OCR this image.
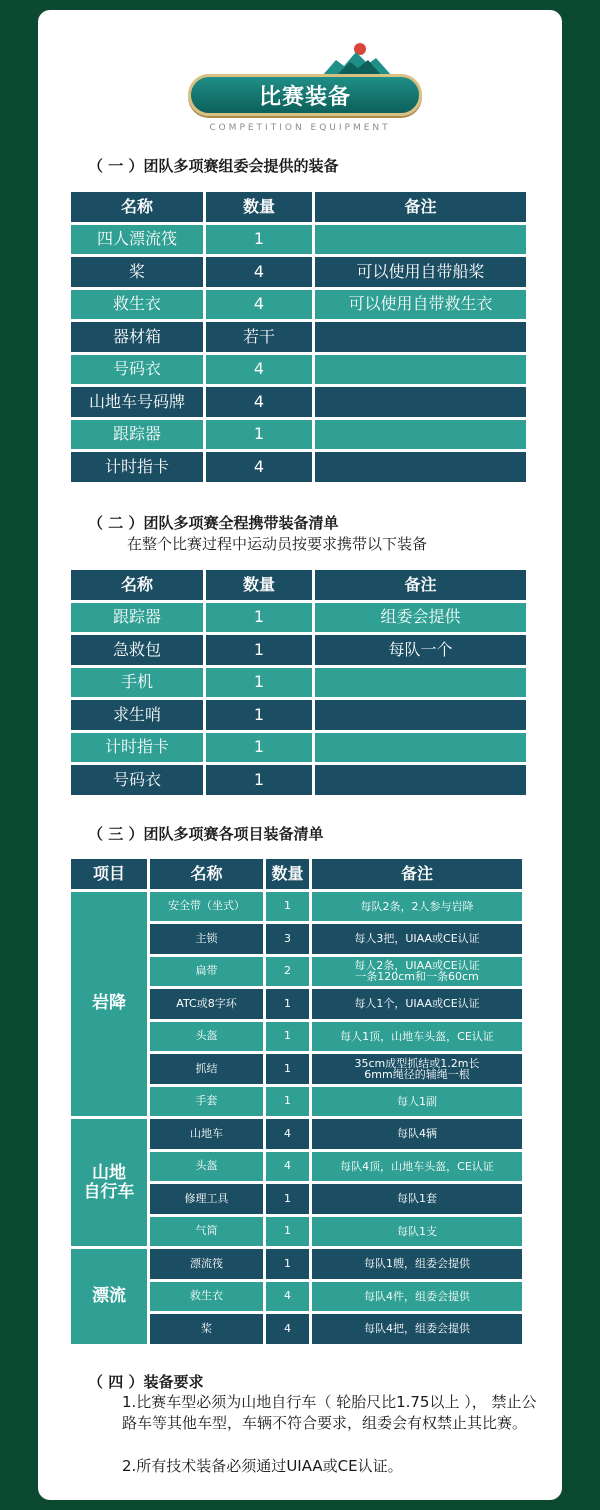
比赛装备
COMPETITION EQUIPMENT
（ 一 ）团队多项赛组委会提供的装备
名称	数量	备注
四人漂流筏	1
桨	4	可以使用自带船桨
救生衣	4	可以使用自带救生衣
器材箱	若干
号码衣	4
山地车号码牌	4
跟踪器	1
计时指卡	4
（ 二 ）团队多项赛全程携带装备清单
在整个比赛过程中运动员按要求携带以下装备
名称	数量	备注
跟踪器	1	组委会提供
急救包	1	每队一个
手机	1
求生哨	1
计时指卡	1
号码衣	1
（ 三 ）团队多项赛各项目装备清单
项目	名称	数量	备注
岩降
安全带（坐式）	1	每队2条，2人参与岩降
主锁	3	每人3把，UIAA或CE认证
扁带	2	每人2条，UIAA或CE认证
一条120cm和一条60cm
ATC或8字环	1	每人1个，UIAA或CE认证
头盔	1	每人1顶，山地车头盔，CE认证
抓结	1	35cm成型抓结或1.2m长
6mm绳径的辅绳一根
手套	1	每人1副
山地
自行车
山地车	4	每队4辆
头盔	4	每队4顶，山地车头盔，CE认证
修理工具	1	每队1套
气筒	1	每队1支
漂流
漂流筏	1	每队1艘，组委会提供
救生衣	4	每队4件，组委会提供
桨	4	每队4把，组委会提供
（ 四 ）装备要求
1.比赛车型必须为山地自行车（ 轮胎尺比1.75以上 ）， 禁止公路车等其他车型，车辆不符合要求，组委会有权禁止其比赛。
2.所有技术装备必须通过UIAA或CE认证。
